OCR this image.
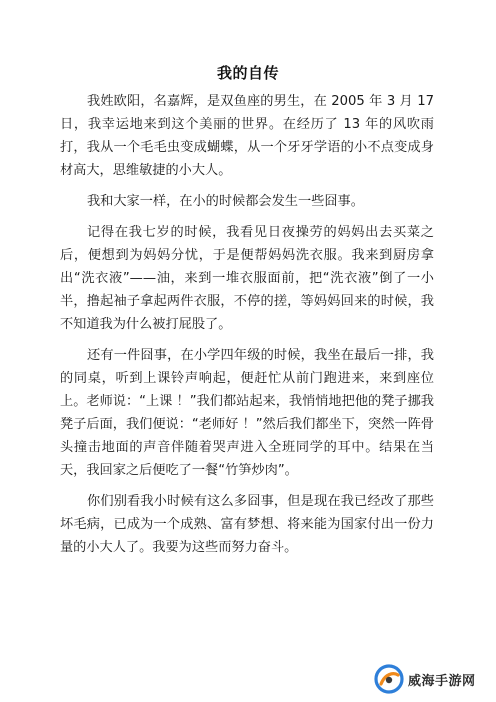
我的自传

我姓欧阳，名嘉辉，是双鱼座的男生，在 2005 年 3 月 17 日，我幸运地来到这个美丽的世界。在经历了 13 年的风吹雨打，我从一个毛毛虫变成蝴蝶，从一个牙牙学语的小不点变成身材高大，思维敏捷的小大人。

我和大家一样，在小的时候都会发生一些囧事。

记得在我七岁的时候，我看见日夜操劳的妈妈出去买菜之后，便想到为妈妈分忧，于是便帮妈妈洗衣服。我来到厨房拿出“洗衣液”——油，来到一堆衣服面前，把“洗衣液”倒了一小半，撸起袖子拿起两件衣服，不停的搓，等妈妈回来的时候，我不知道我为什么被打屁股了。

还有一件囧事，在小学四年级的时候，我坐在最后一排，我的同桌，听到上课铃声响起，便赶忙从前门跑进来，来到座位上。老师说：“上课 ！”我们都站起来，我悄悄地把他的凳子挪我凳子后面，我们便说：“老师好 ！”然后我们都坐下，突然一阵骨头撞击地面的声音伴随着哭声进入全班同学的耳中。结果在当天，我回家之后便吃了一餐“竹笋炒肉”。

你们别看我小时候有这么多囧事，但是现在我已经改了那些坏毛病，已成为一个成熟、富有梦想、将来能为国家付出一份力量的小大人了。我要为这些而努力奋斗。

威海手游网
